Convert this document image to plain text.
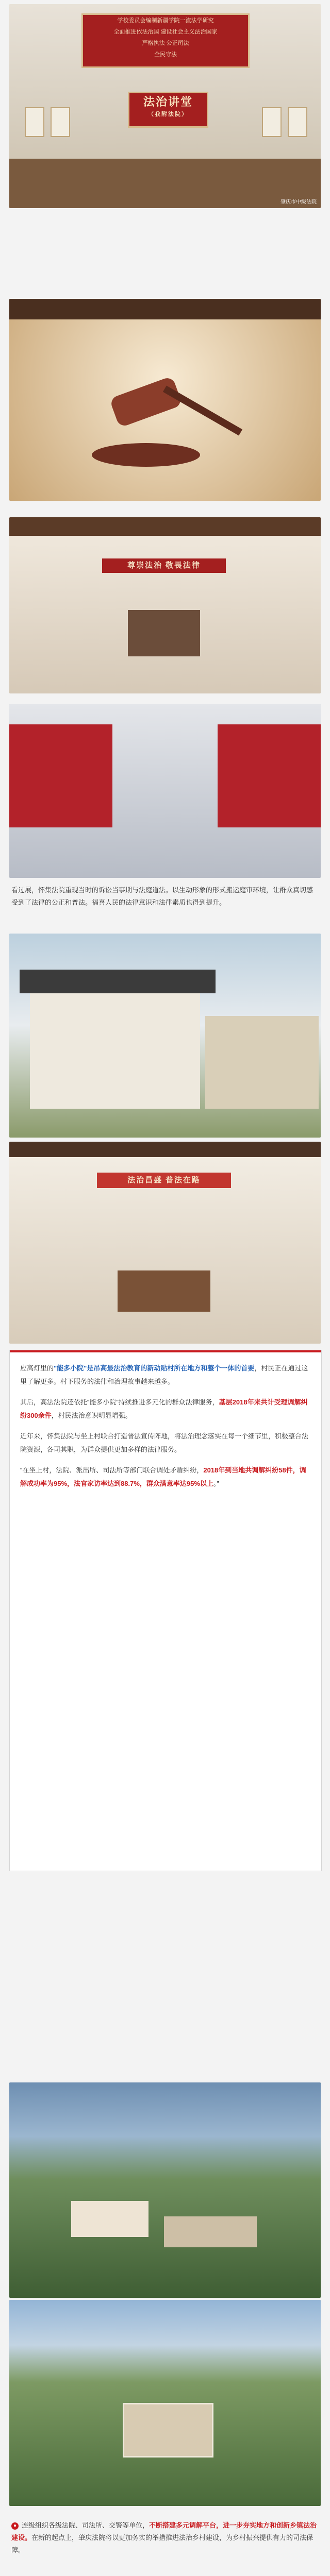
学校委员会编制新疆学院一流法学研究
全面推进依法治国 建设社会主义法治国家
严格执法 公正司法
全民守法
法治讲堂
（我附法院）
肇庆市中级法院
尊崇法治 敬畏法律
看过展，怀集法院重现当时的诉讼当事期与法庭道法。以生动形象的形式搬运庭审环境，让群众真切感受到了法律的公正和普法。福喜人民的法律意识和法律素质也得到提升。
法治昌盛 普法在路

应高灯里的"能多小院"是吊高最法治教育的新动贴村所在地方和整个一体的首要，村民正在通过这里了解更多。村下服务的法律和治理故事越来越多。

其后，高法法院还依托“能多小院”持续推进多元化的群众法律服务，基层2018年来共计受理调解纠纷300余件，村民法治意识明显增强。

近年来，怀集法院与坐上村联合打造普法宣传阵地，将法治理念落实在每一个细节里，积极整合法院资源，各司其职，为群众提供更加多样的法律服务。

“在坐上村，法院、派出所、司法所等部门联合调处矛盾纠纷，2018年到当地共调解纠纷58件，调解成功率为95%，法官家访率达到88.7%，群众满意率达95%以上。”

● 连级组织各级法院、司法所、交警等单位，不断搭建多元调解平台，进一步夯实地方和创新乡镇法治建设。在新的起点上，肇庆法院将以更加务实的举措推进法治乡村建设，为乡村振兴提供有力的司法保障。
